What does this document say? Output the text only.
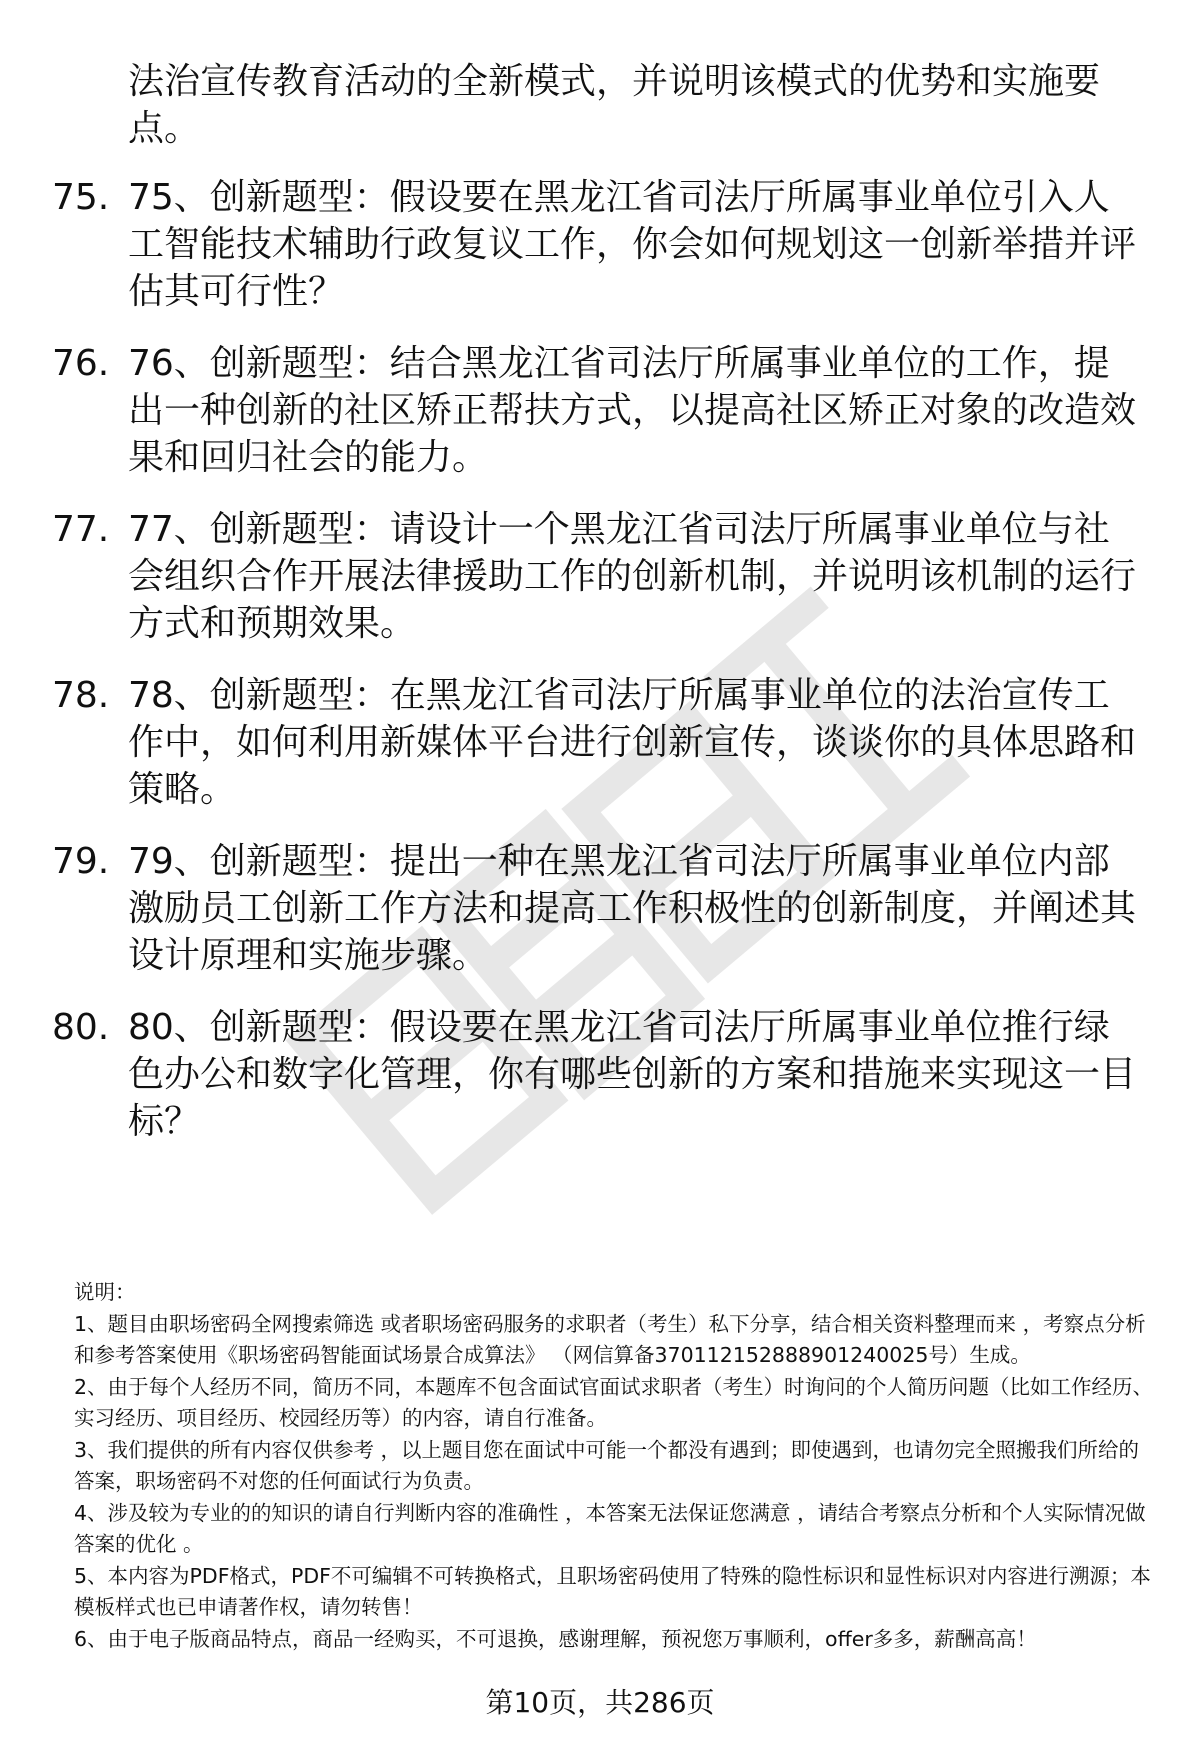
法治宣传教育活动的全新模式，并说明该模式的优势和实施要点。
75. 75、创新题型：假设要在黑龙江省司法厅所属事业单位引入人工智能技术辅助行政复议工作，你会如何规划这一创新举措并评估其可行性？
76. 76、创新题型：结合黑龙江省司法厅所属事业单位的工作，提出一种创新的社区矫正帮扶方式，以提高社区矫正对象的改造效果和回归社会的能力。
77. 77、创新题型：请设计一个黑龙江省司法厅所属事业单位与社会组织合作开展法律援助工作的创新机制，并说明该机制的运行方式和预期效果。
78. 78、创新题型：在黑龙江省司法厅所属事业单位的法治宣传工作中，如何利用新媒体平台进行创新宣传，谈谈你的具体思路和策略。
79. 79、创新题型：提出一种在黑龙江省司法厅所属事业单位内部激励员工创新工作方法和提高工作积极性的创新制度，并阐述其设计原理和实施步骤。
80. 80、创新题型：假设要在黑龙江省司法厅所属事业单位推行绿色办公和数字化管理，你有哪些创新的方案和措施来实现这一目标？

说明：

1、题目由职场密码全网搜索筛选 或者职场密码服务的求职者（考生）私下分享，结合相关资料整理而来 ，考察点分析和参考答案使用《职场密码智能面试场景合成算法》 （网信算备370112152888901240025号）生成。

2、由于每个人经历不同，简历不同，本题库不包含面试官面试求职者（考生）时询问的个人简历问题（比如工作经历、实习经历、项目经历、校园经历等）的内容，请自行准备。

3、我们提供的所有内容仅供参考 ，以上题目您在面试中可能一个都没有遇到；即使遇到，也请勿完全照搬我们所给的答案，职场密码不对您的任何面试行为负责。

4、涉及较为专业的的知识的请自行判断内容的准确性 ，本答案无法保证您满意 ，请结合考察点分析和个人实际情况做答案的优化 。

5、本内容为PDF格式，PDF不可编辑不可转换格式，且职场密码使用了特殊的隐性标识和显性标识对内容进行溯源；本模板样式也已申请著作权，请勿转售！

6、由于电子版商品特点，商品一经购买，不可退换，感谢理解，预祝您万事顺利，offer多多，薪酬高高！

第10页，共286页
